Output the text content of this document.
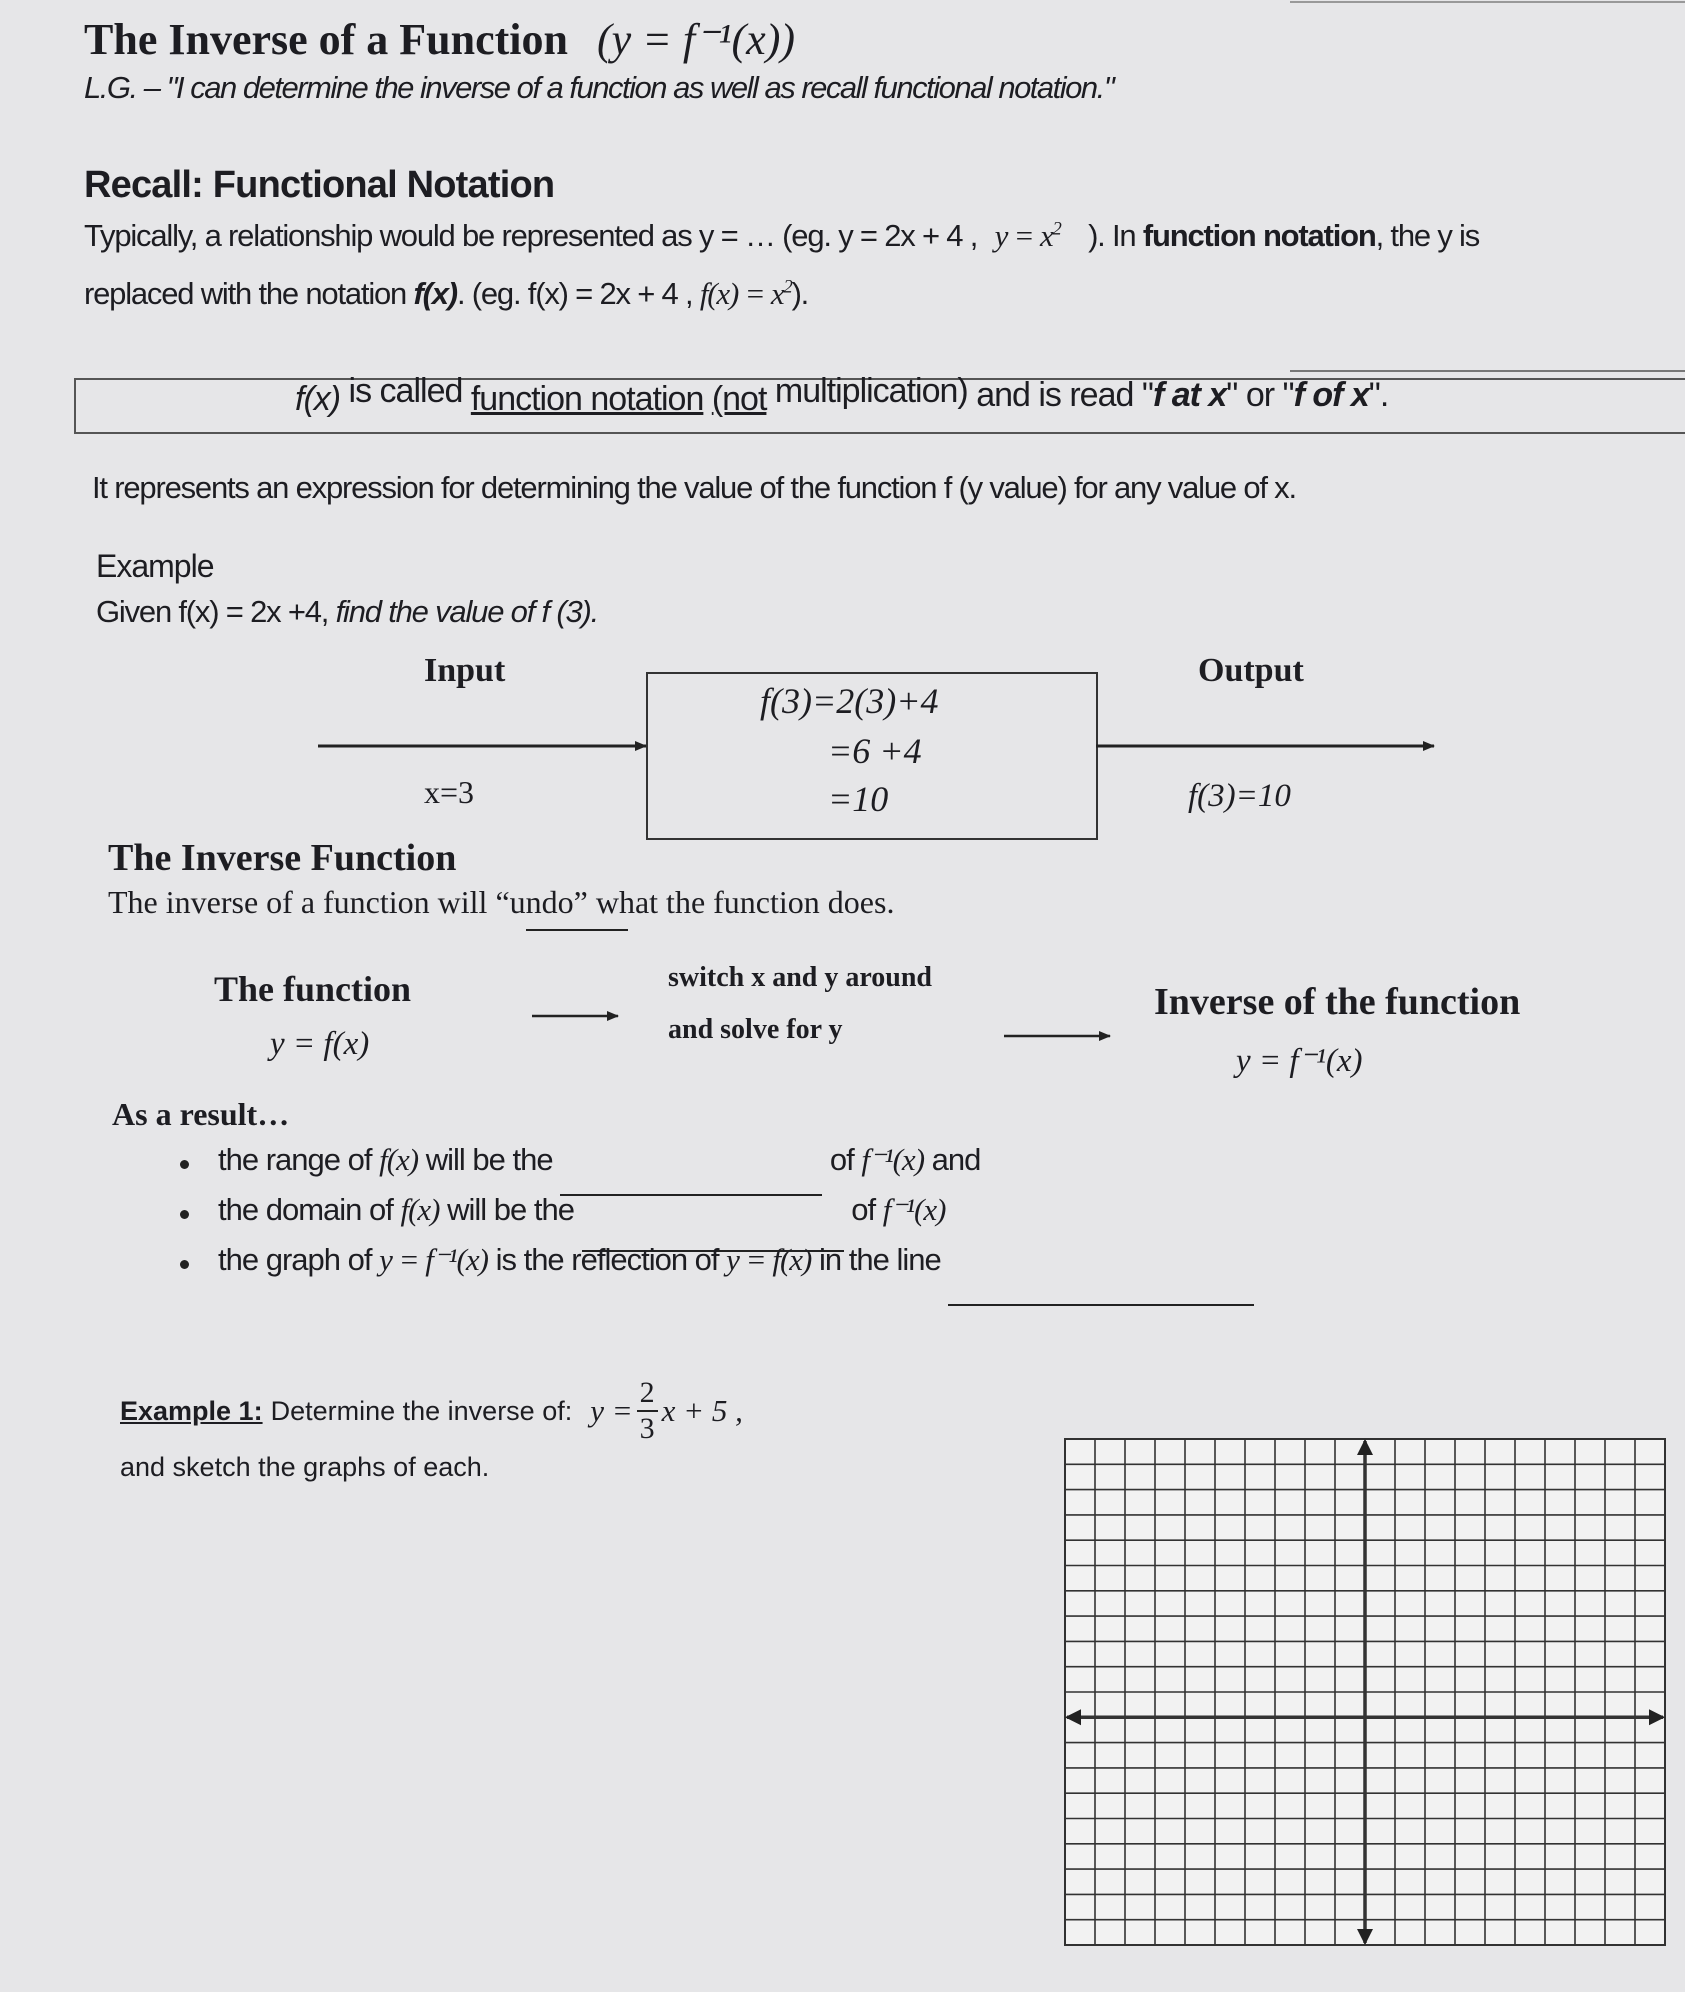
The Inverse of a Function (y = f⁻¹(x))
L.G. – "I can determine the inverse of a function as well as recall functional notation."
Recall: Functional Notation
Typically, a relationship would be represented as y = … (eg. y = 2x + 4 , $y = x^2$ ). In function notation, the y is
replaced with the notation f(x). (eg. f(x) = 2x + 4 , $f(x) = x^2$).
f(x) is called function notation (not multiplication) and is read "f at x" or "f of x".
It represents an expression for determining the value of the function f (y value) for any value of x.
Example
Given f(x) = 2x +4, find the value of f (3).
Input
x=3
Output
f(3)=10
f(3)=2(3)+4
=6 +4
=10
The Inverse Function
The inverse of a function will “undo” what the function does.
The function
y = f(x)
switch x and y around
and solve for y
Inverse of the function
y = f⁻¹(x)
As a result…
the range of f(x) will be the	of f⁻¹(x) and
the domain of f(x) will be the	of f⁻¹(x)
the graph of y = f⁻¹(x) is the reflection of y = f(x) in the line
Example 1: Determine the inverse of: $y = \frac{2}{3}$ x + 5 ,
and sketch the graphs of each.
